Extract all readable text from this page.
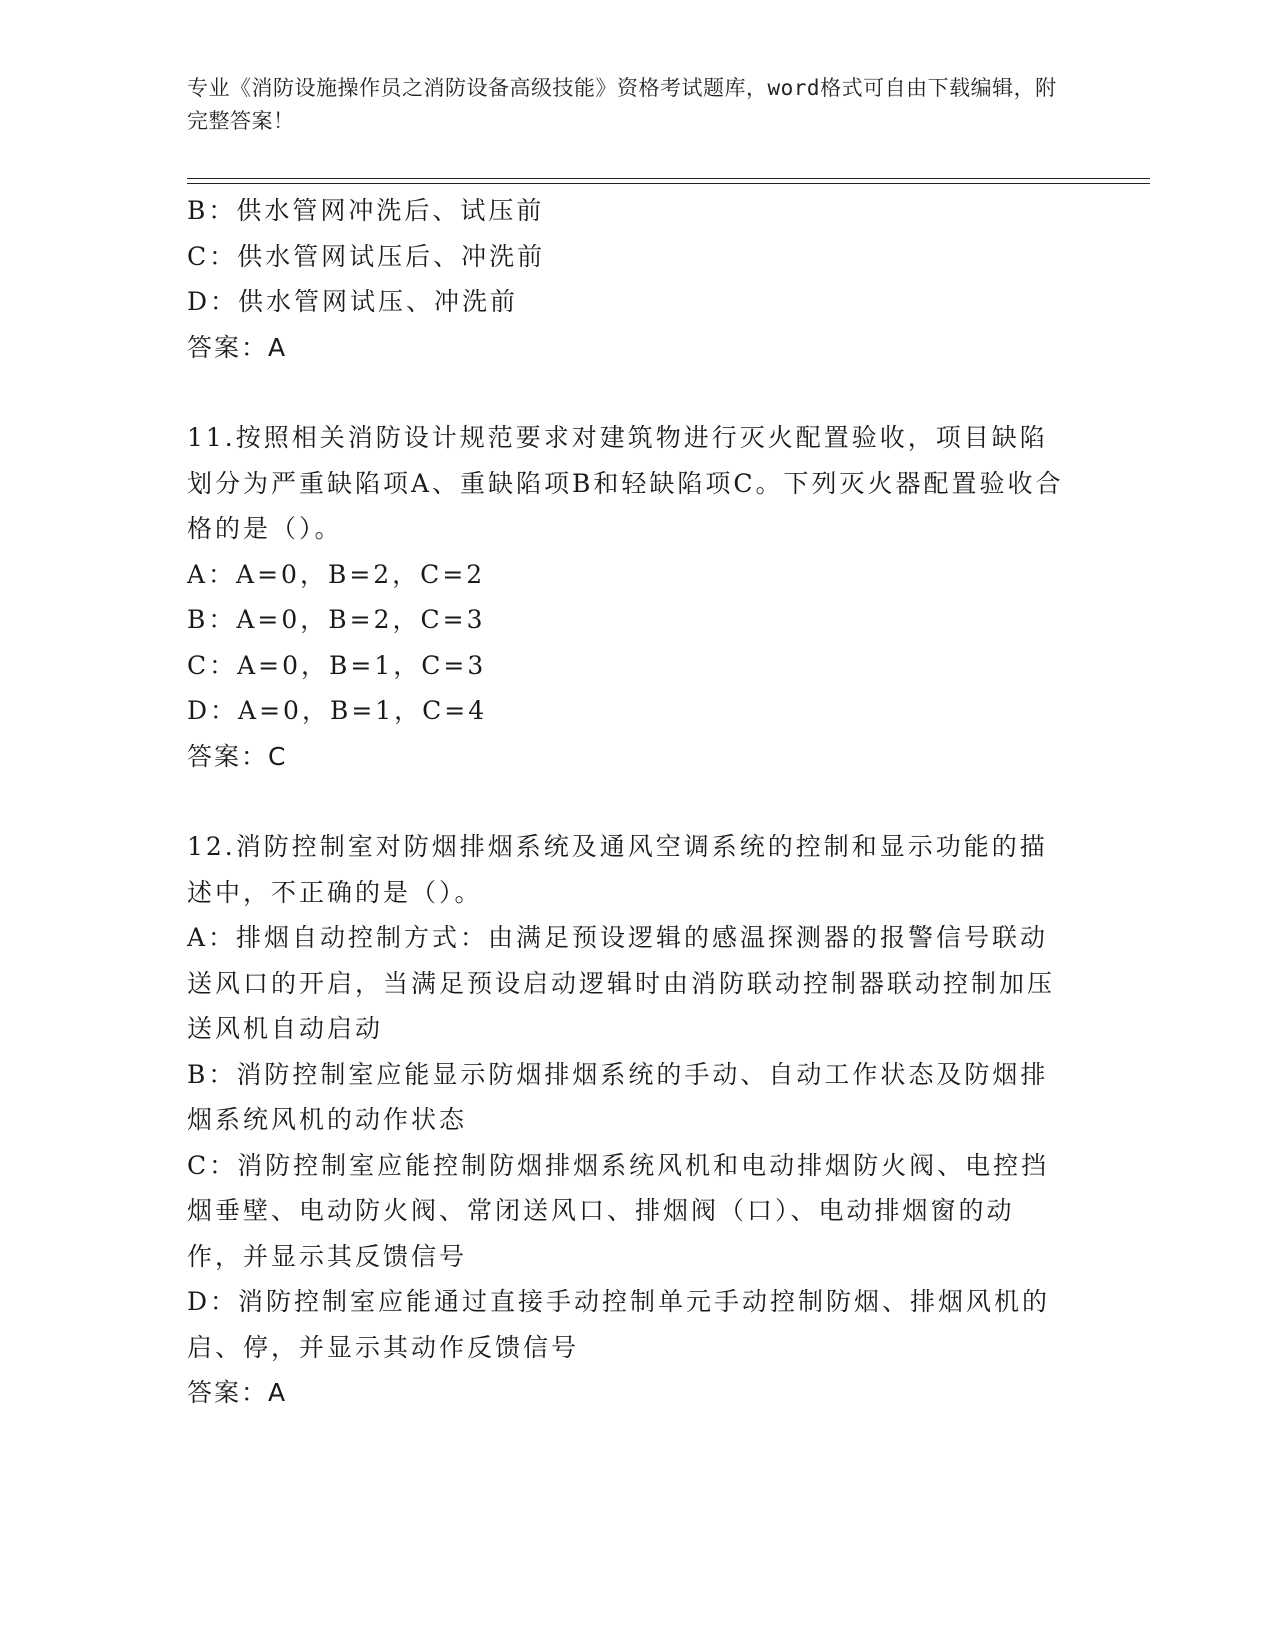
专业《消防设施操作员之消防设备高级技能》资格考试题库，word格式可自由下载编辑，附完整答案！
B：供水管网冲洗后、试压前
C：供水管网试压后、冲洗前
D：供水管网试压、冲洗前
答案：A
11.按照相关消防设计规范要求对建筑物进行灭火配置验收，项目缺陷划分为严重缺陷项A、重缺陷项B和轻缺陷项C。下列灭火器配置验收合格的是（）。
A：A=0，B=2，C=2
B：A=0，B=2，C=3
C：A=0，B=1，C=3
D：A=0，B=1，C=4
答案：C
12.消防控制室对防烟排烟系统及通风空调系统的控制和显示功能的描述中，不正确的是（）。
A：排烟自动控制方式：由满足预设逻辑的感温探测器的报警信号联动送风口的开启，当满足预设启动逻辑时由消防联动控制器联动控制加压送风机自动启动
B：消防控制室应能显示防烟排烟系统的手动、自动工作状态及防烟排烟系统风机的动作状态
C：消防控制室应能控制防烟排烟系统风机和电动排烟防火阀、电控挡烟垂壁、电动防火阀、常闭送风口、排烟阀（口）、电动排烟窗的动作，并显示其反馈信号
D：消防控制室应能通过直接手动控制单元手动控制防烟、排烟风机的启、停，并显示其动作反馈信号
答案：A
